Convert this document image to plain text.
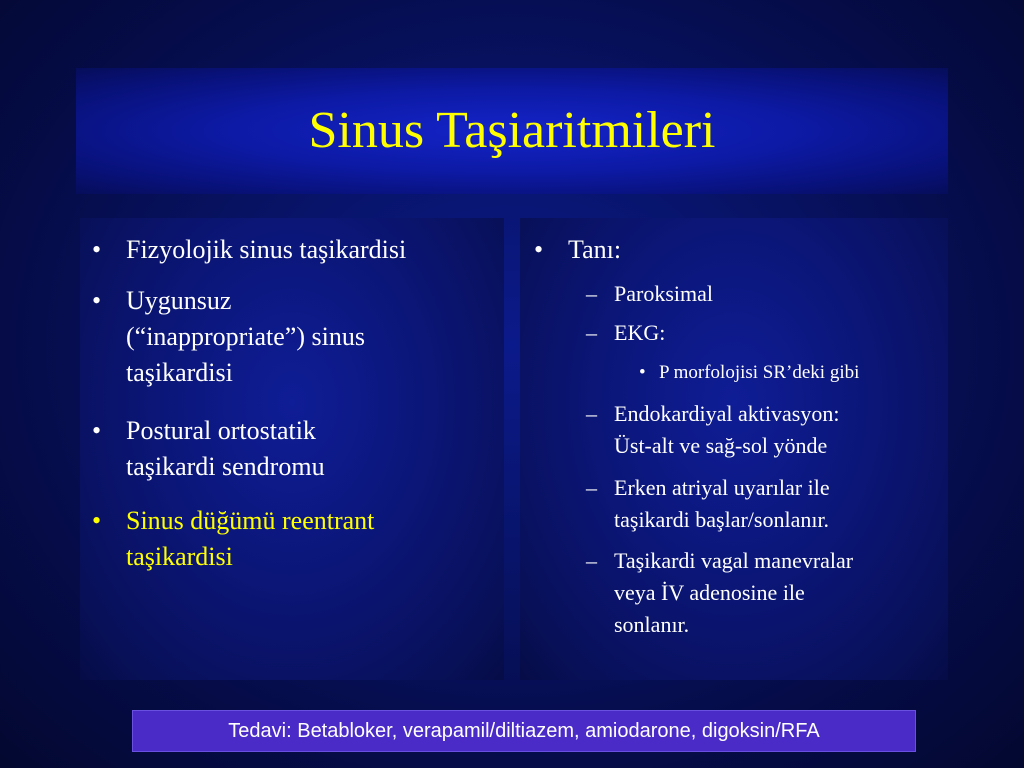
Sinus Taşiaritmileri
• Fizyolojik sinus taşikardisi
• Uygunsuz
(“inappropriate”) sinus
taşikardisi
• Postural ortostatik
taşikardi sendromu
• Sinus düğümü reentrant
taşikardisi
• Tanı:
– Paroksimal
– EKG:
• P morfolojisi SR’deki gibi
– Endokardiyal aktivasyon:
Üst-alt ve sağ-sol yönde
– Erken atriyal uyarılar ile
taşikardi başlar/sonlanır.
– Taşikardi vagal manevralar
veya İV adenosine ile
sonlanır.
Tedavi: Betabloker, verapamil/diltiazem, amiodarone, digoksin/RFA
